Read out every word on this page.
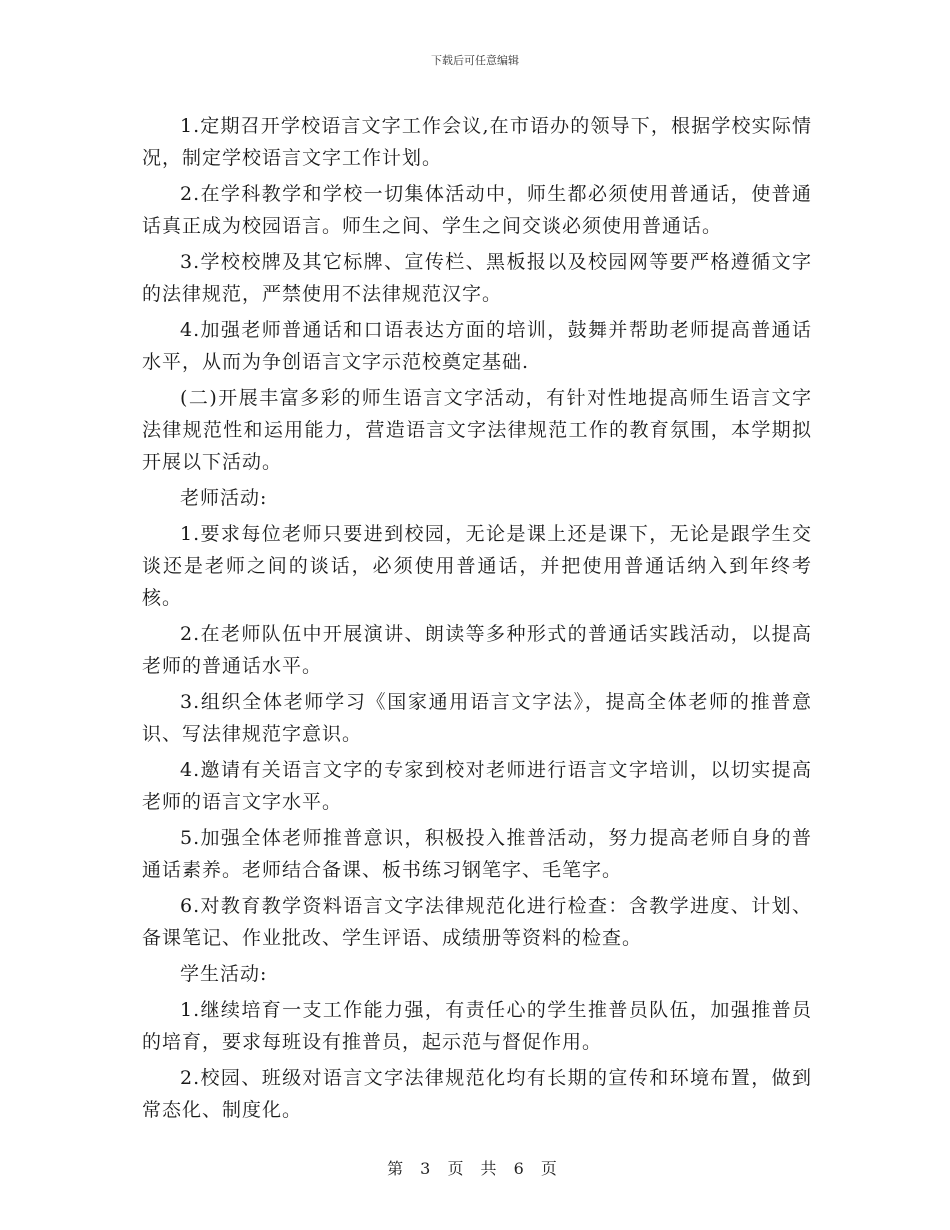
下载后可任意编辑

1.定期召开学校语言文字工作会议,在市语办的领导下，根据学校实际情况，制定学校语言文字工作计划。

2.在学科教学和学校一切集体活动中，师生都必须使用普通话，使普通话真正成为校园语言。师生之间、学生之间交谈必须使用普通话。

3.学校校牌及其它标牌、宣传栏、黑板报以及校园网等要严格遵循文字的法律规范，严禁使用不法律规范汉字。

4.加强老师普通话和口语表达方面的培训，鼓舞并帮助老师提高普通话水平，从而为争创语言文字示范校奠定基础.

(二)开展丰富多彩的师生语言文字活动，有针对性地提高师生语言文字法律规范性和运用能力，营造语言文字法律规范工作的教育氛围，本学期拟开展以下活动。

老师活动:

1.要求每位老师只要进到校园，无论是课上还是课下，无论是跟学生交谈还是老师之间的谈话，必须使用普通话，并把使用普通话纳入到年终考核。

2.在老师队伍中开展演讲、朗读等多种形式的普通话实践活动，以提高老师的普通话水平。

3.组织全体老师学习《国家通用语言文字法》，提高全体老师的推普意识、写法律规范字意识。

4.邀请有关语言文字的专家到校对老师进行语言文字培训，以切实提高老师的语言文字水平。

5.加强全体老师推普意识，积极投入推普活动，努力提高老师自身的普通话素养。老师结合备课、板书练习钢笔字、毛笔字。

6.对教育教学资料语言文字法律规范化进行检查：含教学进度、计划、备课笔记、作业批改、学生评语、成绩册等资料的检查。

学生活动:

1.继续培育一支工作能力强，有责任心的学生推普员队伍，加强推普员的培育，要求每班设有推普员，起示范与督促作用。

2.校园、班级对语言文字法律规范化均有长期的宣传和环境布置，做到常态化、制度化。

第 3 页 共 6 页
